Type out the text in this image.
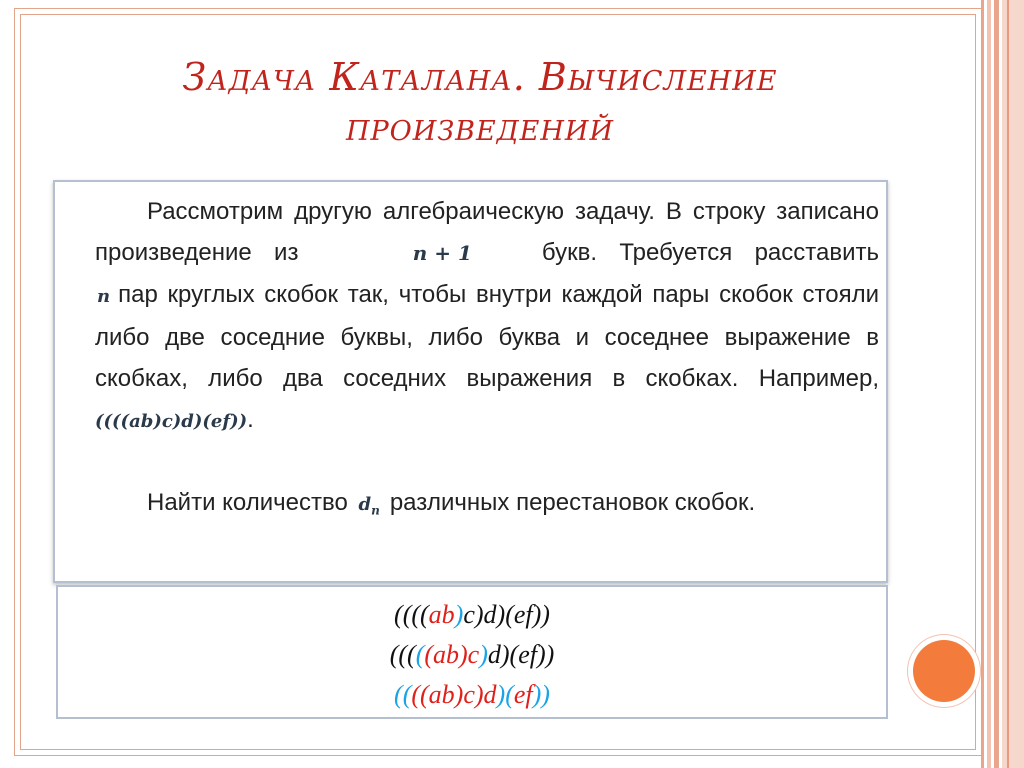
Задача Каталана. Вычисление
произведений

Рассмотрим другую алгебраическую задачу. В строку записано произведение из	n + 1	букв. Требуется расставить n пар круглых скобок так, чтобы внутри каждой пары скобок стояли либо две соседние буквы, либо буква и соседнее выражение в скобках, либо два соседних выражения в скобках. Например, ((((ab)c)d)(ef)).

Найти количество $d_n$ различных перестановок скобок.

((((ab)c)d)(ef))
(((((ab)c)d)(ef))
((((ab)c)d)(ef))
